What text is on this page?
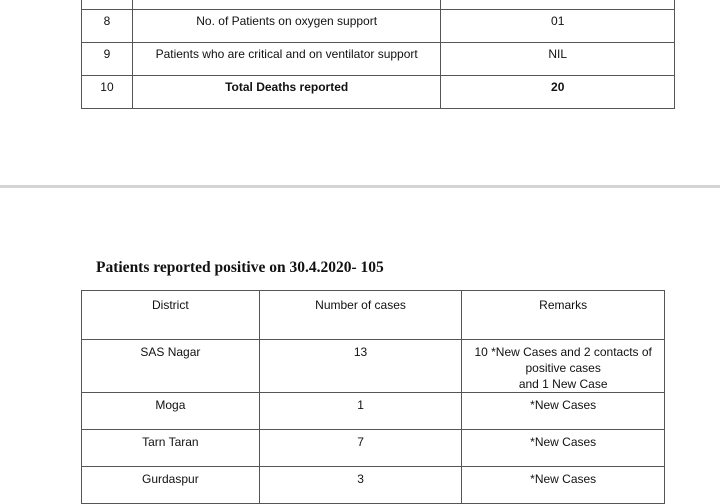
8	No. of Patients on oxygen support	01

9	Patients who are critical and on ventilator support	NIL

10	Total Deaths reported	20
Patients reported positive on 30.4.2020- 105
District	Number of cases	Remarks

SAS Nagar	13	10 *New Cases and 2 contacts of positive cases
and 1 New Case

Moga	1	*New Cases

Tarn Taran	7	*New Cases

Gurdaspur	3	*New Cases
